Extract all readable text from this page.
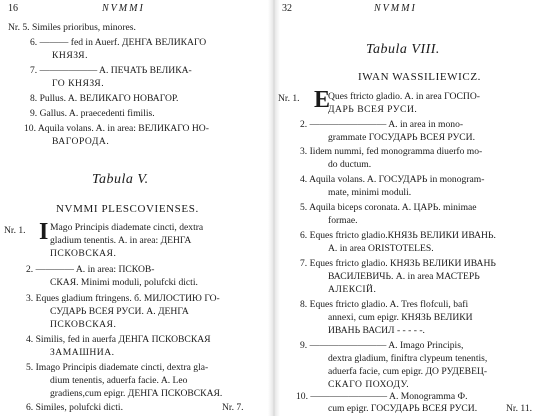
16	NVMMI
Nr. 5. Similes prioribus, minores.
6. ——— fed in Auerf. ДЕНГА ВЕЛИКАГО
КНЯЗЯ.
7. —————— A. ПЕЧАТЬ ВЕЛИКА-
ГО КНЯЗЯ.
8. Pullus. A. ВЕЛИКАГО НОВАГОР.
9. Gallus. A. praecedenti fimilis.
10. Aquila volans. A. in area: ВЕЛИКАГО НО-
ВАГОРОДА.
Tabula V.
NVMMI PLESCOVIENSES.
Nr. 1. I Mago Principis diademate cincti, dextra
gladium tenentis. A. in area: ДЕНГА
ПСКОВСКАЯ.
2. ———— A. in area: ПСКОВ-
СКАЯ. Minimi moduli, polufcki dicti.
3. Eques gladium ftringens. б. МИЛОСТИЮ ГО-
СУДАРЬ ВСЕЯ РУСИ. A. ДЕНГА
ПСКОВСКАЯ.
4. Similis, fed in auerfa ДЕНГА ПСКОВСКАЯ
ЗАМАШНИА.
5. Imago Principis diademate cincti, dextra gla-
dium tenentis, aduerfa facie. A. Leo
gradiens,cum epigr. ДЕНГА ПСКОВСКАЯ.
6. Similes, polufcki dicti.	Nr. 7.
32	NVMMI
Tabula VIII.
IWAN WASSILIEWICZ.
Nr. 1. E
Ques ftricto gladio. A. in area ГОСПО-
ДАРЬ ВСЕЯ РУСИ.
2. ———————— A. in area in mono-
grammate ГОСУДАРЬ ВСЕЯ РУСИ.
3. Iidem nummi, fed monogramma diuerfo mo-
do ductum.
4. Aquila volans. A. ГОСУДАРЬ in monogram-
mate, minimi moduli.
5. Aquila biceps coronata. A. ЦАРЬ. minimae
formae.
6. Eques ftricto gladio.КНЯЗЬ ВЕЛИКИ ИВАНЬ.
A. in area ORISTOTELES.
7. Eques ftricto gladio. КНЯЗЬ ВЕЛИКИ ИВАНЬ
ВАСИЛЕВИЧЬ. A. in area МАСТЕРЬ
АЛЕКСІЙ.
8. Eques ftricto gladio. A. Tres flofculi, bafi
annexi, cum epigr. КНЯЗЬ ВЕЛИКИ
ИВАНЬ ВАСИЛ - - - - -.
9. ———————— A. Imago Principis,
dextra gladium, finiftra clypeum tenentis,
aduerfa facie, cum epigr. ДО РУДЕВЕЦ-
СКАГО ПОХОДУ.
10. ———————— A. Monogramma Ф.
cum epigr. ГОСУДАРЬ ВСЕЯ РУСИ.	Nr. 11.
